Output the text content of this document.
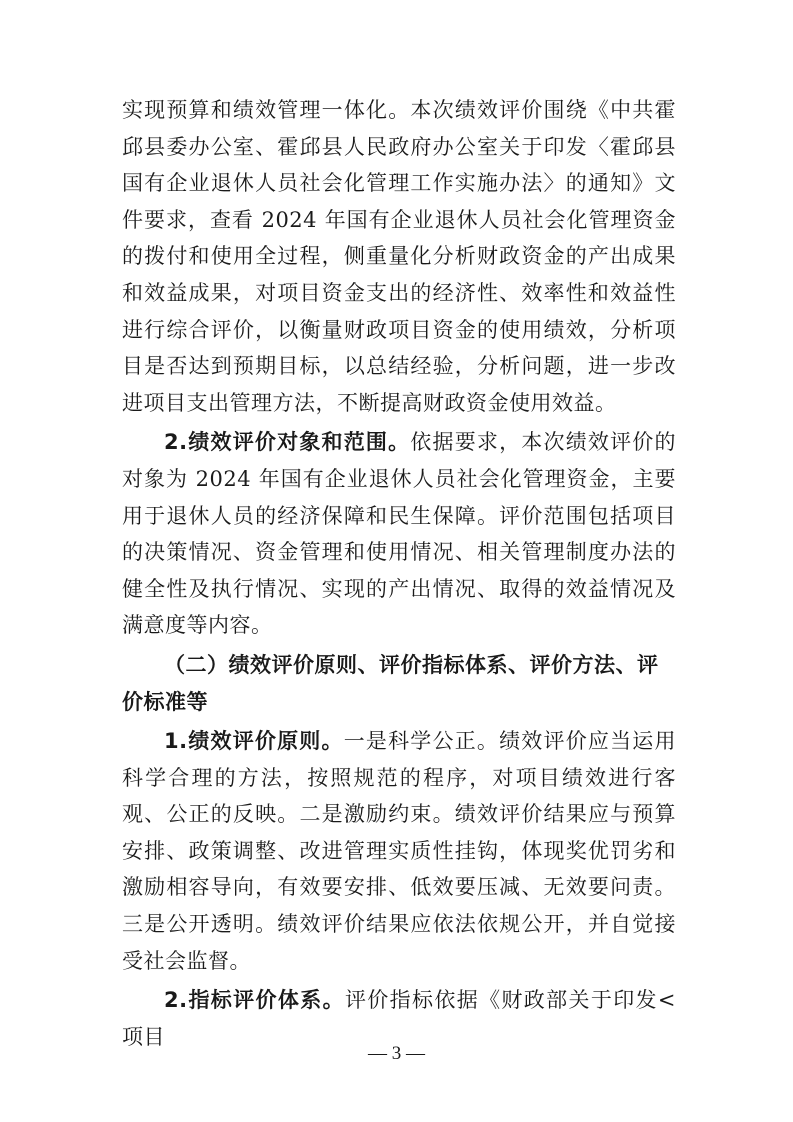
实现预算和绩效管理一体化。本次绩效评价围绕《中共霍邱县委办公室、霍邱县人民政府办公室关于印发〈霍邱县国有企业退休人员社会化管理工作实施办法〉的通知》文件要求，查看 2024 年国有企业退休人员社会化管理资金的拨付和使用全过程，侧重量化分析财政资金的产出成果和效益成果，对项目资金支出的经济性、效率性和效益性进行综合评价，以衡量财政项目资金的使用绩效，分析项目是否达到预期目标，以总结经验，分析问题，进一步改进项目支出管理方法，不断提高财政资金使用效益。

2.绩效评价对象和范围。依据要求，本次绩效评价的对象为 2024 年国有企业退休人员社会化管理资金，主要用于退休人员的经济保障和民生保障。评价范围包括项目的决策情况、资金管理和使用情况、相关管理制度办法的健全性及执行情况、实现的产出情况、取得的效益情况及满意度等内容。

（二）绩效评价原则、评价指标体系、评价方法、评价标准等

1.绩效评价原则。一是科学公正。绩效评价应当运用科学合理的方法，按照规范的程序，对项目绩效进行客观、公正的反映。二是激励约束。绩效评价结果应与预算安排、政策调整、改进管理实质性挂钩，体现奖优罚劣和激励相容导向，有效要安排、低效要压减、无效要问责。三是公开透明。绩效评价结果应依法依规公开，并自觉接受社会监督。

2.指标评价体系。评价指标依据《财政部关于印发<项目

— 3 —
